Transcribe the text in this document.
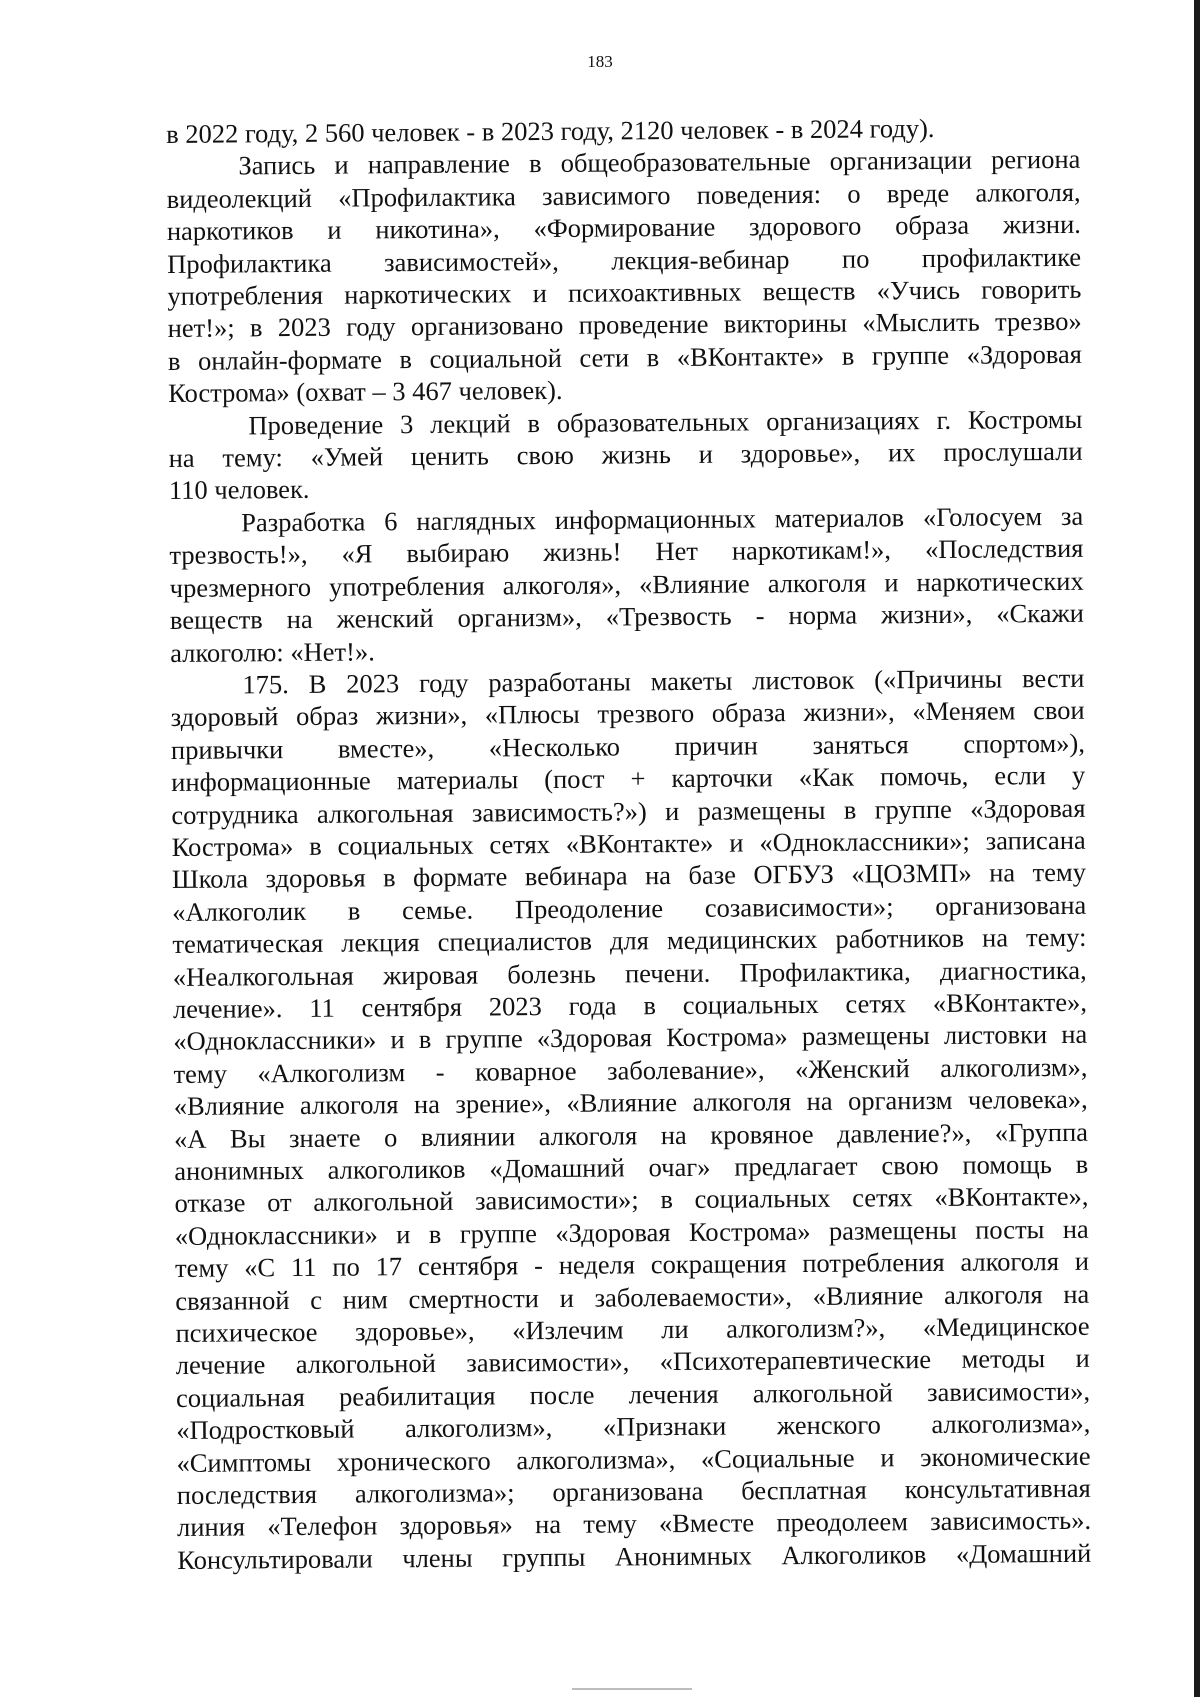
183
в 2022 году, 2 560 человек - в 2023 году, 2120 человек - в 2024 году).
Запись и направление в общеобразовательные организации региона
видеолекций «Профилактика зависимого поведения: о вреде алкоголя,
наркотиков и никотина», «Формирование здорового образа жизни.
Профилактика зависимостей», лекция-вебинар по профилактике
употребления наркотических и психоактивных веществ «Учись говорить
нет!»; в 2023 году организовано проведение викторины «Мыслить трезво»
в онлайн-формате в социальной сети в «ВКонтакте» в группе «Здоровая
Кострома» (охват – 3 467 человек).
Проведение 3 лекций в образовательных организациях г. Костромы
на тему: «Умей ценить свою жизнь и здоровье», их прослушали
110 человек.
Разработка 6 наглядных информационных материалов «Голосуем за
трезвость!», «Я выбираю жизнь! Нет наркотикам!», «Последствия
чрезмерного употребления алкоголя», «Влияние алкоголя и наркотических
веществ на женский организм», «Трезвость - норма жизни», «Скажи
алкоголю: «Нет!».
175. В 2023 году разработаны макеты листовок («Причины вести
здоровый образ жизни», «Плюсы трезвого образа жизни», «Меняем свои
привычки вместе», «Несколько причин заняться спортом»),
информационные материалы (пост + карточки «Как помочь, если у
сотрудника алкогольная зависимость?») и размещены в группе «Здоровая
Кострома» в социальных сетях «ВКонтакте» и «Одноклассники»; записана
Школа здоровья в формате вебинара на базе ОГБУЗ «ЦОЗМП» на тему
«Алкоголик в семье. Преодоление созависимости»; организована
тематическая лекция специалистов для медицинских работников на тему:
«Неалкогольная жировая болезнь печени. Профилактика, диагностика,
лечение». 11 сентября 2023 года в социальных сетях «ВКонтакте»,
«Одноклассники» и в группе «Здоровая Кострома» размещены листовки на
тему «Алкоголизм - коварное заболевание», «Женский алкоголизм»,
«Влияние алкоголя на зрение», «Влияние алкоголя на организм человека»,
«А Вы знаете о влиянии алкоголя на кровяное давление?», «Группа
анонимных алкоголиков «Домашний очаг» предлагает свою помощь в
отказе от алкогольной зависимости»; в социальных сетях «ВКонтакте»,
«Одноклассники» и в группе «Здоровая Кострома» размещены посты на
тему «С 11 по 17 сентября - неделя сокращения потребления алкоголя и
связанной с ним смертности и заболеваемости», «Влияние алкоголя на
психическое здоровье», «Излечим ли алкоголизм?», «Медицинское
лечение алкогольной зависимости», «Психотерапевтические методы и
социальная реабилитация после лечения алкогольной зависимости»,
«Подростковый алкоголизм», «Признаки женского алкоголизма»,
«Симптомы хронического алкоголизма», «Социальные и экономические
последствия алкоголизма»; организована бесплатная консультативная
линия «Телефон здоровья» на тему «Вместе преодолеем зависимость».
Консультировали члены группы Анонимных Алкоголиков «Домашний
